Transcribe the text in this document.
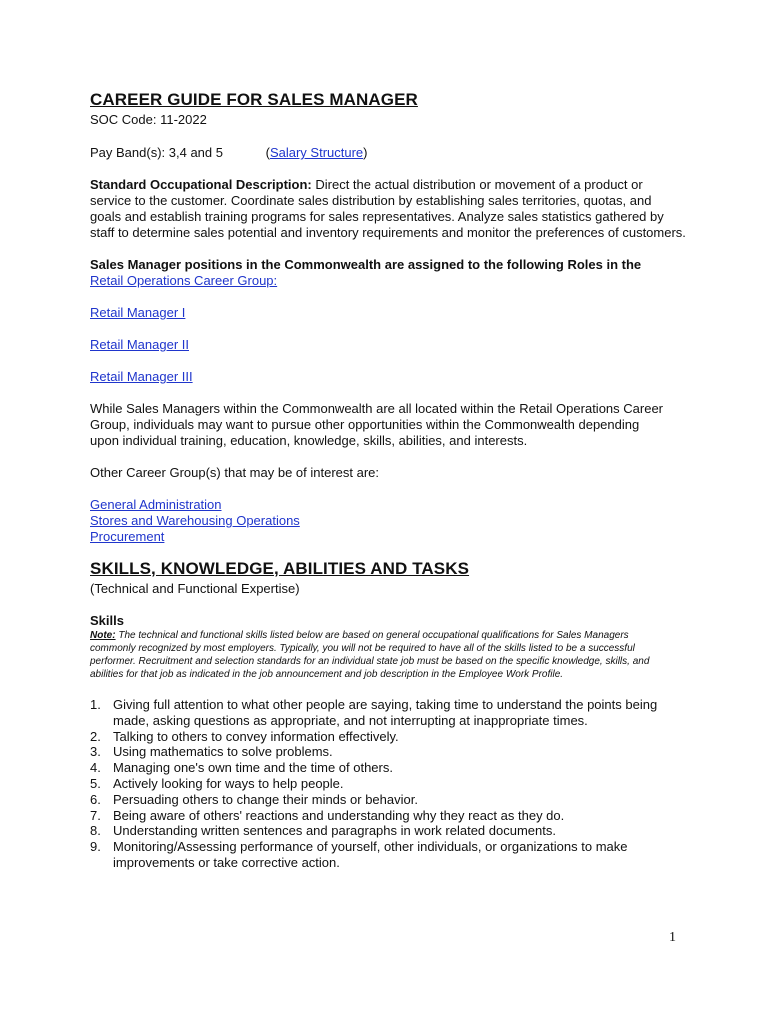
CAREER GUIDE FOR SALES MANAGER

SOC Code: 11-2022

Pay Band(s): 3,4 and 5	(Salary Structure)

Standard Occupational Description: Direct the actual distribution or movement of a product or service to the customer. Coordinate sales distribution by establishing sales territories, quotas, and goals and establish training programs for sales representatives. Analyze sales statistics gathered by staff to determine sales potential and inventory requirements and monitor the preferences of customers.

Sales Manager positions in the Commonwealth are assigned to the following Roles in the
Retail Operations Career Group:

Retail Manager I

Retail Manager II

Retail Manager III

While Sales Managers within the Commonwealth are all located within the Retail Operations Career Group, individuals may want to pursue other opportunities within the Commonwealth depending upon individual training, education, knowledge, skills, abilities, and interests.

Other Career Group(s) that may be of interest are:

General Administration

Stores and Warehousing Operations

Procurement

SKILLS, KNOWLEDGE, ABILITIES AND TASKS

(Technical and Functional Expertise)

Skills

Note: The technical and functional skills listed below are based on general occupational qualifications for Sales Managers commonly recognized by most employers. Typically, you will not be required to have all of the skills listed to be a successful performer. Recruitment and selection standards for an individual state job must be based on the specific knowledge, skills, and abilities for that job as indicated in the job announcement and job description in the Employee Work Profile.

1. Giving full attention to what other people are saying, taking time to understand the points being made, asking questions as appropriate, and not interrupting at inappropriate times.
2. Talking to others to convey information effectively.
3. Using mathematics to solve problems.
4. Managing one's own time and the time of others.
5. Actively looking for ways to help people.
6. Persuading others to change their minds or behavior.
7. Being aware of others' reactions and understanding why they react as they do.
8. Understanding written sentences and paragraphs in work related documents.
9. Monitoring/Assessing performance of yourself, other individuals, or organizations to make improvements or take corrective action.
1
